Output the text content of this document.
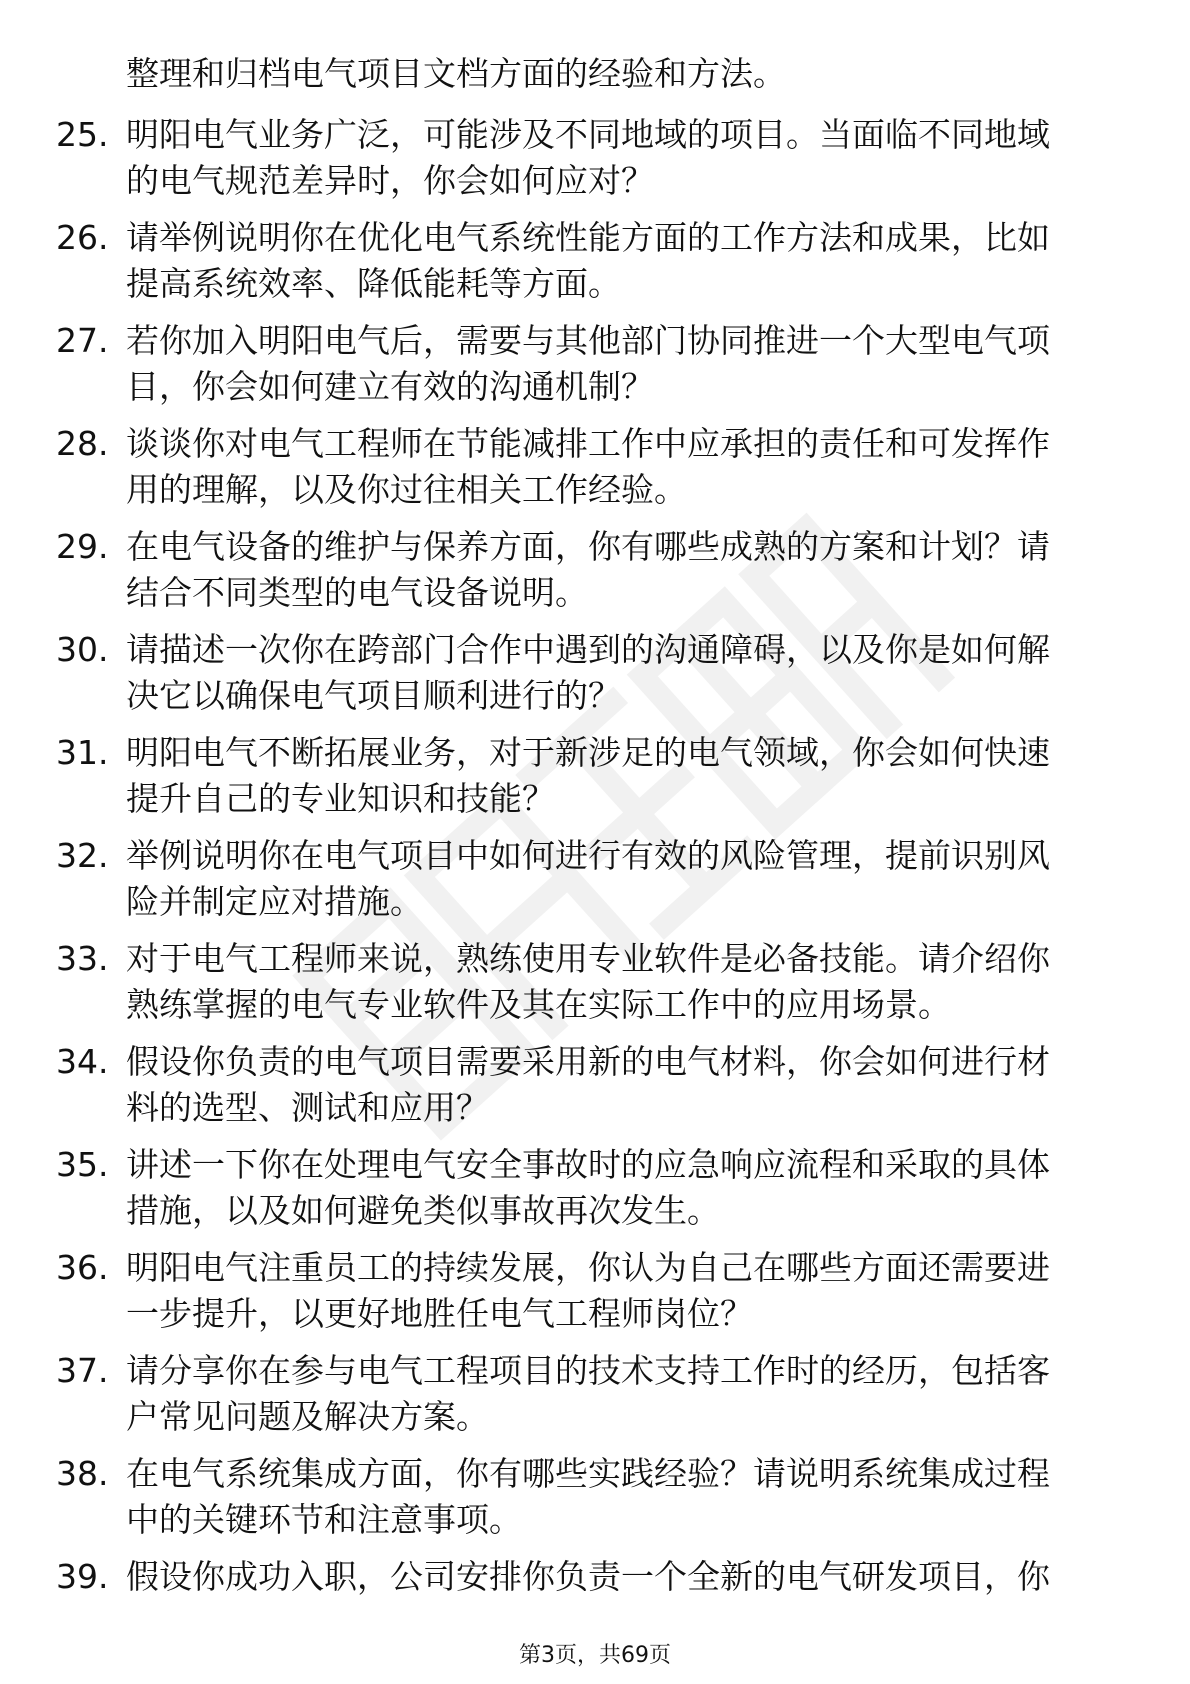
整理和归档电气项目文档方面的经验和方法。
25. 明阳电气业务广泛，可能涉及不同地域的项目。当面临不同地域
的电气规范差异时，你会如何应对？
26. 请举例说明你在优化电气系统性能方面的工作方法和成果，比如
提高系统效率、降低能耗等方面。
27. 若你加入明阳电气后，需要与其他部门协同推进一个大型电气项
目，你会如何建立有效的沟通机制？
28. 谈谈你对电气工程师在节能减排工作中应承担的责任和可发挥作
用的理解，以及你过往相关工作经验。
29. 在电气设备的维护与保养方面，你有哪些成熟的方案和计划？请
结合不同类型的电气设备说明。
30. 请描述一次你在跨部门合作中遇到的沟通障碍，以及你是如何解
决它以确保电气项目顺利进行的？
31. 明阳电气不断拓展业务，对于新涉足的电气领域，你会如何快速
提升自己的专业知识和技能？
32. 举例说明你在电气项目中如何进行有效的风险管理，提前识别风
险并制定应对措施。
33. 对于电气工程师来说，熟练使用专业软件是必备技能。请介绍你
熟练掌握的电气专业软件及其在实际工作中的应用场景。
34. 假设你负责的电气项目需要采用新的电气材料，你会如何进行材
料的选型、测试和应用？
35. 讲述一下你在处理电气安全事故时的应急响应流程和采取的具体
措施，以及如何避免类似事故再次发生。
36. 明阳电气注重员工的持续发展，你认为自己在哪些方面还需要进
一步提升，以更好地胜任电气工程师岗位？
37. 请分享你在参与电气工程项目的技术支持工作时的经历，包括客
户常见问题及解决方案。
38. 在电气系统集成方面，你有哪些实践经验？请说明系统集成过程
中的关键环节和注意事项。
39. 假设你成功入职，公司安排你负责一个全新的电气研发项目，你
第3页，共69页
